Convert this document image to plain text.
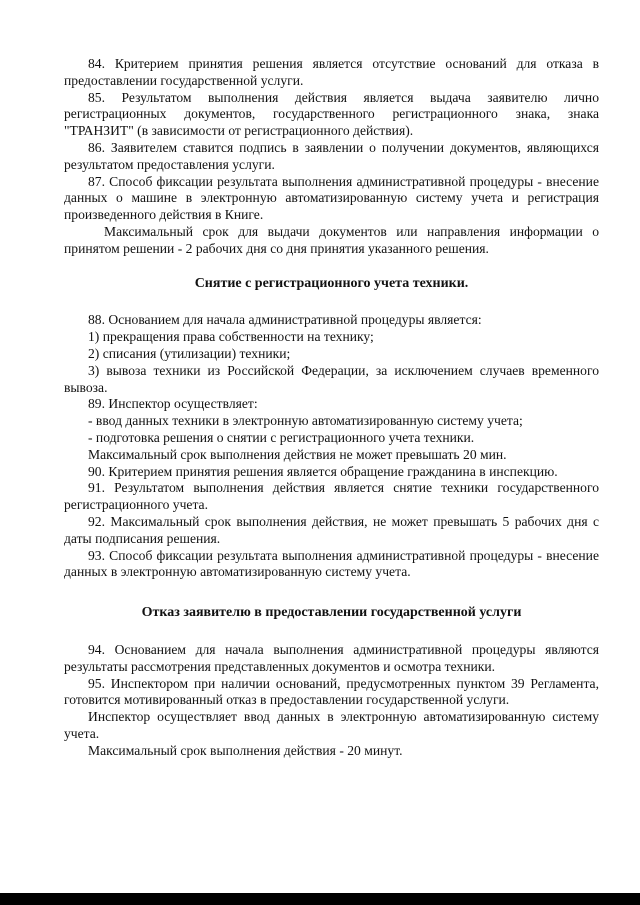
84. Критерием принятия решения является отсутствие оснований для отказа в предоставлении государственной услуги.

85. Результатом выполнения действия является выдача заявителю лично регистрационных документов, государственного регистрационного знака, знака "ТРАНЗИТ" (в зависимости от регистрационного действия).

86. Заявителем ставится подпись в заявлении о получении документов, являющихся результатом предоставления услуги.

87. Способ фиксации результата выполнения административной процедуры - внесение данных о машине в электронную автоматизированную систему учета и регистрация произведенного действия в Книге.

Максимальный срок для выдачи документов или направления информации о принятом решении - 2 рабочих дня со дня принятия указанного решения.

Снятие с регистрационного учета техники.

88. Основанием для начала административной процедуры является:

1) прекращения права собственности на технику;

2) списания (утилизации) техники;

3) вывоза техники из Российской Федерации, за исключением случаев временного вывоза.

89. Инспектор осуществляет:

- ввод данных техники в электронную автоматизированную систему учета;

- подготовка решения о снятии с регистрационного учета техники.

Максимальный срок выполнения действия не может превышать 20 мин.

90. Критерием принятия решения является обращение гражданина в инспекцию.

91. Результатом выполнения действия является снятие техники государственного регистрационного учета.

92. Максимальный срок выполнения действия, не может превышать 5 рабочих дня с даты подписания решения.

93. Способ фиксации результата выполнения административной процедуры - внесение данных в электронную автоматизированную систему учета.

Отказ заявителю в предоставлении государственной услуги

94. Основанием для начала выполнения административной процедуры являются результаты рассмотрения представленных документов и осмотра техники.

95. Инспектором при наличии оснований, предусмотренных пунктом 39 Регламента, готовится мотивированный отказ в предоставлении государственной услуги.

Инспектор осуществляет ввод данных в электронную автоматизированную систему учета.

Максимальный срок выполнения действия - 20 минут.
